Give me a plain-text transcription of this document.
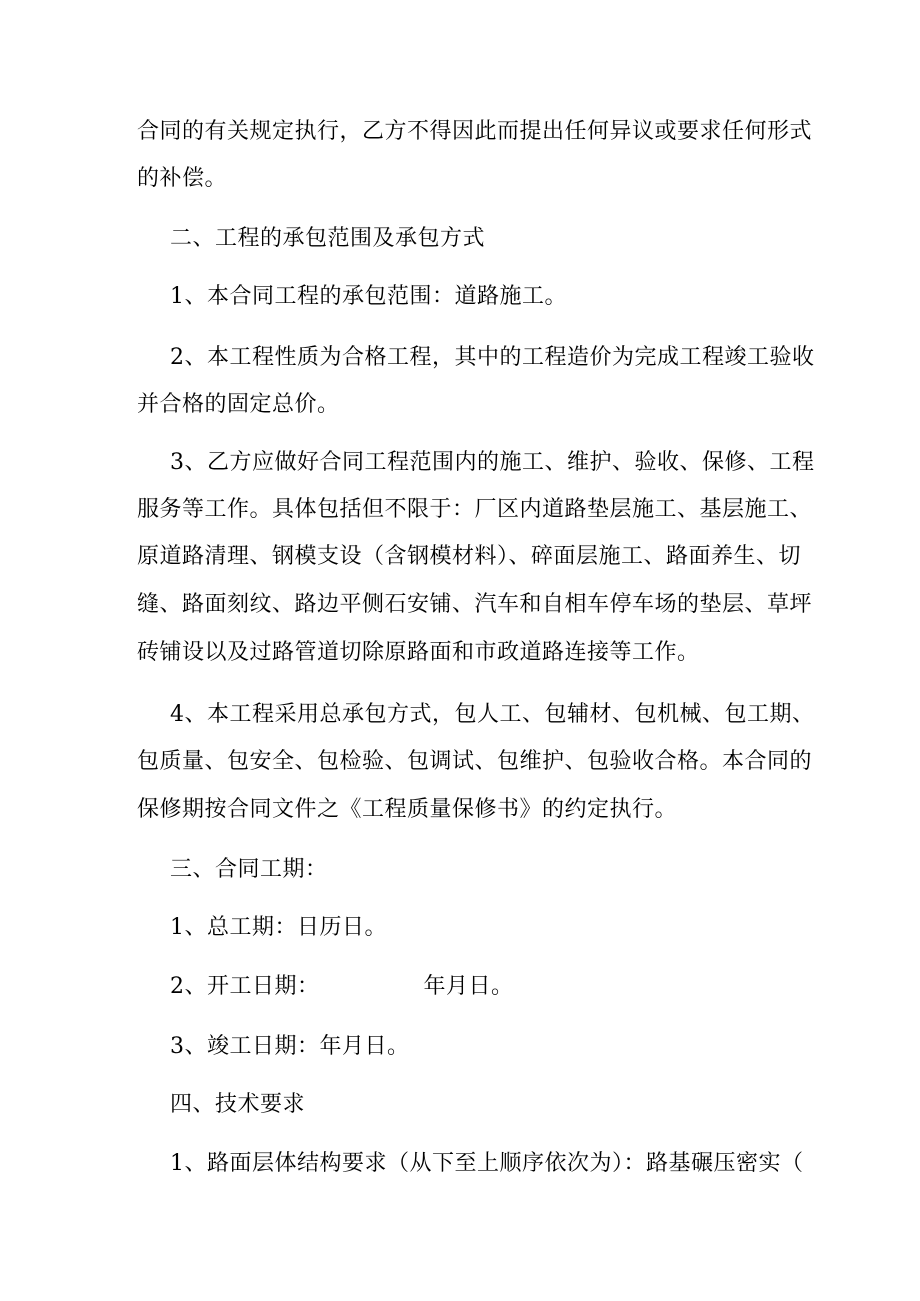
合同的有关规定执行，乙方不得因此而提出任何异议或要求任何形式
的补偿。
二、工程的承包范围及承包方式
1、本合同工程的承包范围：道路施工。
2、本工程性质为合格工程，其中的工程造价为完成工程竣工验收
并合格的固定总价。
3、乙方应做好合同工程范围内的施工、维护、验收、保修、工程
服务等工作。具体包括但不限于：厂区内道路垫层施工、基层施工、
原道路清理、钢模支设（含钢模材料）、碎面层施工、路面养生、切
缝、路面刻纹、路边平侧石安铺、汽车和自相车停车场的垫层、草坪
砖铺设以及过路管道切除原路面和市政道路连接等工作。
4、本工程采用总承包方式，包人工、包辅材、包机械、包工期、
包质量、包安全、包检验、包调试、包维护、包验收合格。本合同的
保修期按合同文件之《工程质量保修书》的约定执行。
三、合同工期：
1、总工期：日历日。
2、开工日期：	年月日。
3、竣工日期：年月日。
四、技术要求
1、路面层体结构要求（从下至上顺序依次为）：路基碾压密实（
